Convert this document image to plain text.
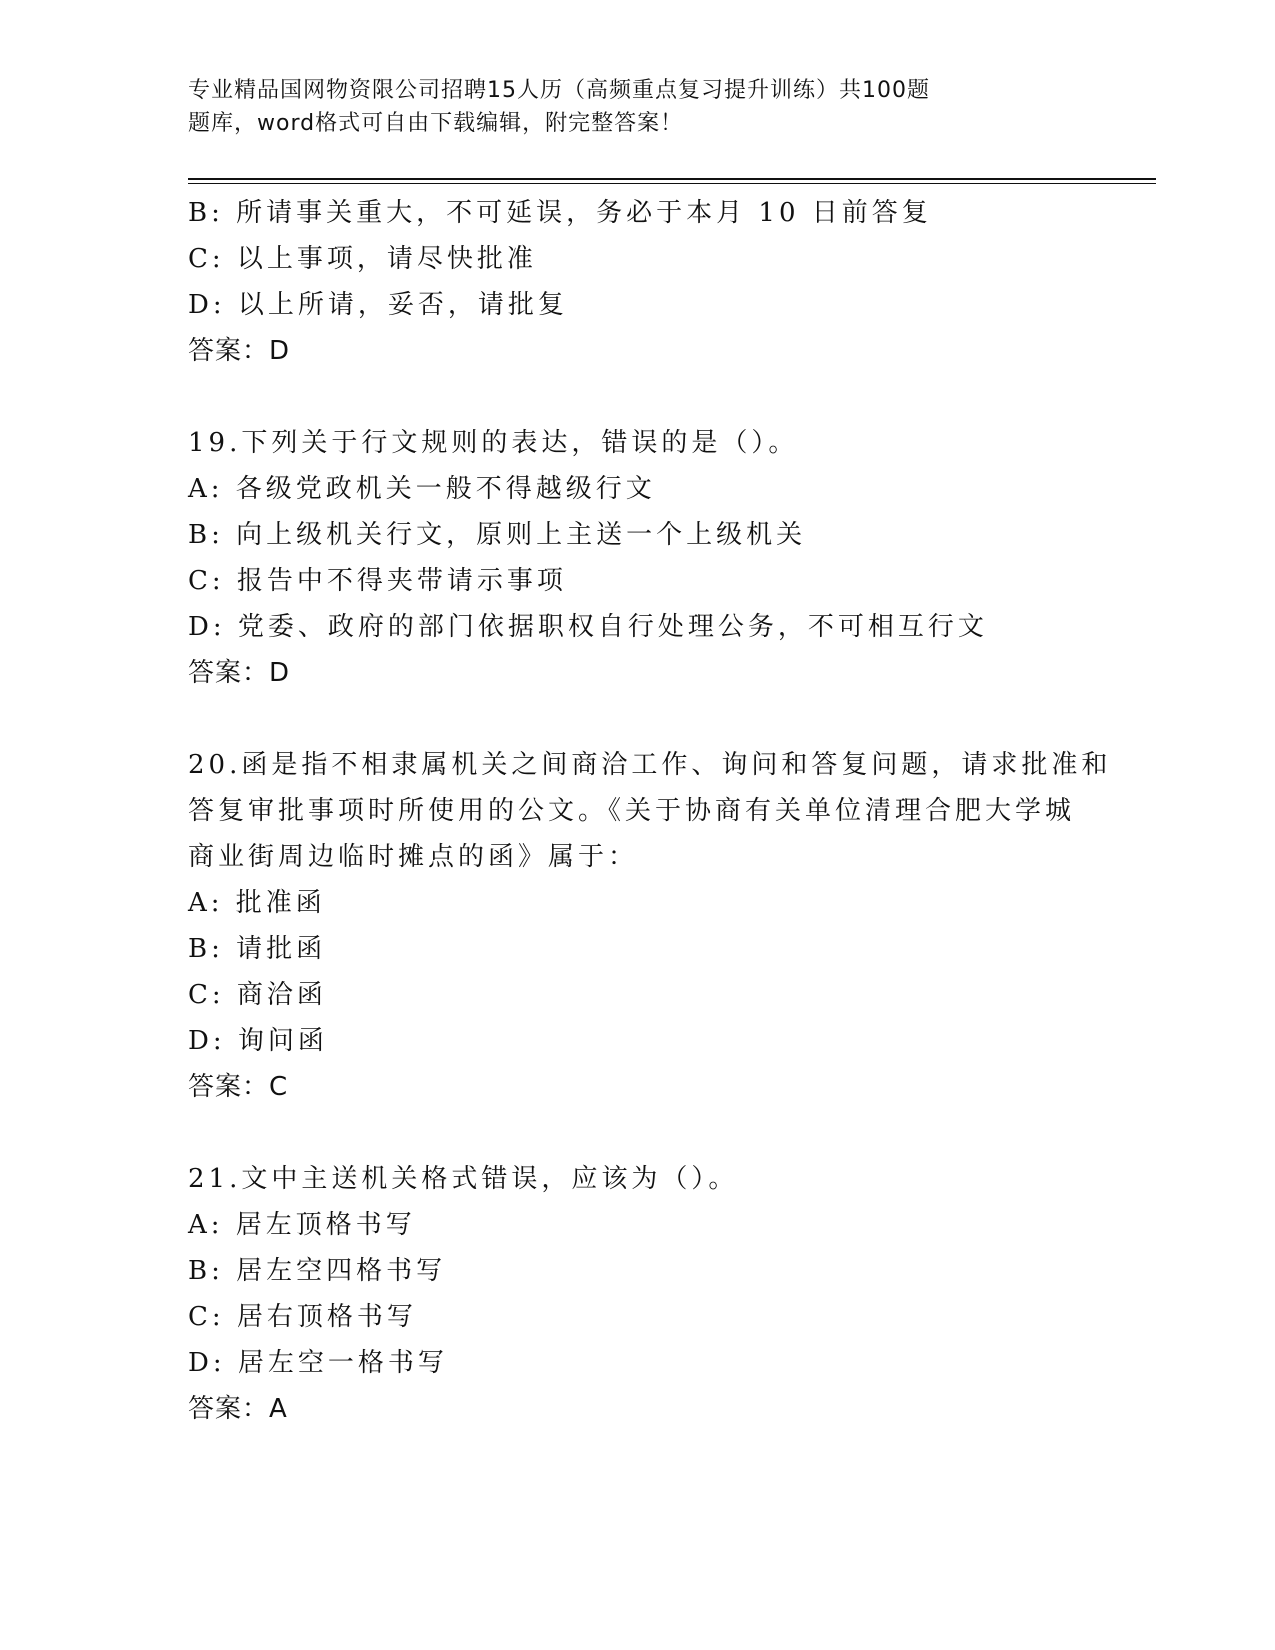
专业精品国网物资限公司招聘15人历（高频重点复习提升训练）共100题
题库，word格式可自由下载编辑，附完整答案！
B: 所请事关重大，不可延误，务必于本月 10 日前答复
C: 以上事项，请尽快批准
D: 以上所请，妥否，请批复
答案：D
19.下列关于行文规则的表达，错误的是（）。
A: 各级党政机关一般不得越级行文
B: 向上级机关行文，原则上主送一个上级机关
C: 报告中不得夹带请示事项
D: 党委、政府的部门依据职权自行处理公务，不可相互行文
答案：D
20.函是指不相隶属机关之间商洽工作、询问和答复问题，请求批准和
答复审批事项时所使用的公文。《关于协商有关单位清理合肥大学城
商业街周边临时摊点的函》属于：
A: 批准函
B: 请批函
C: 商洽函
D: 询问函
答案：C
21.文中主送机关格式错误，应该为（）。
A: 居左顶格书写
B: 居左空四格书写
C: 居右顶格书写
D: 居左空一格书写
答案：A
